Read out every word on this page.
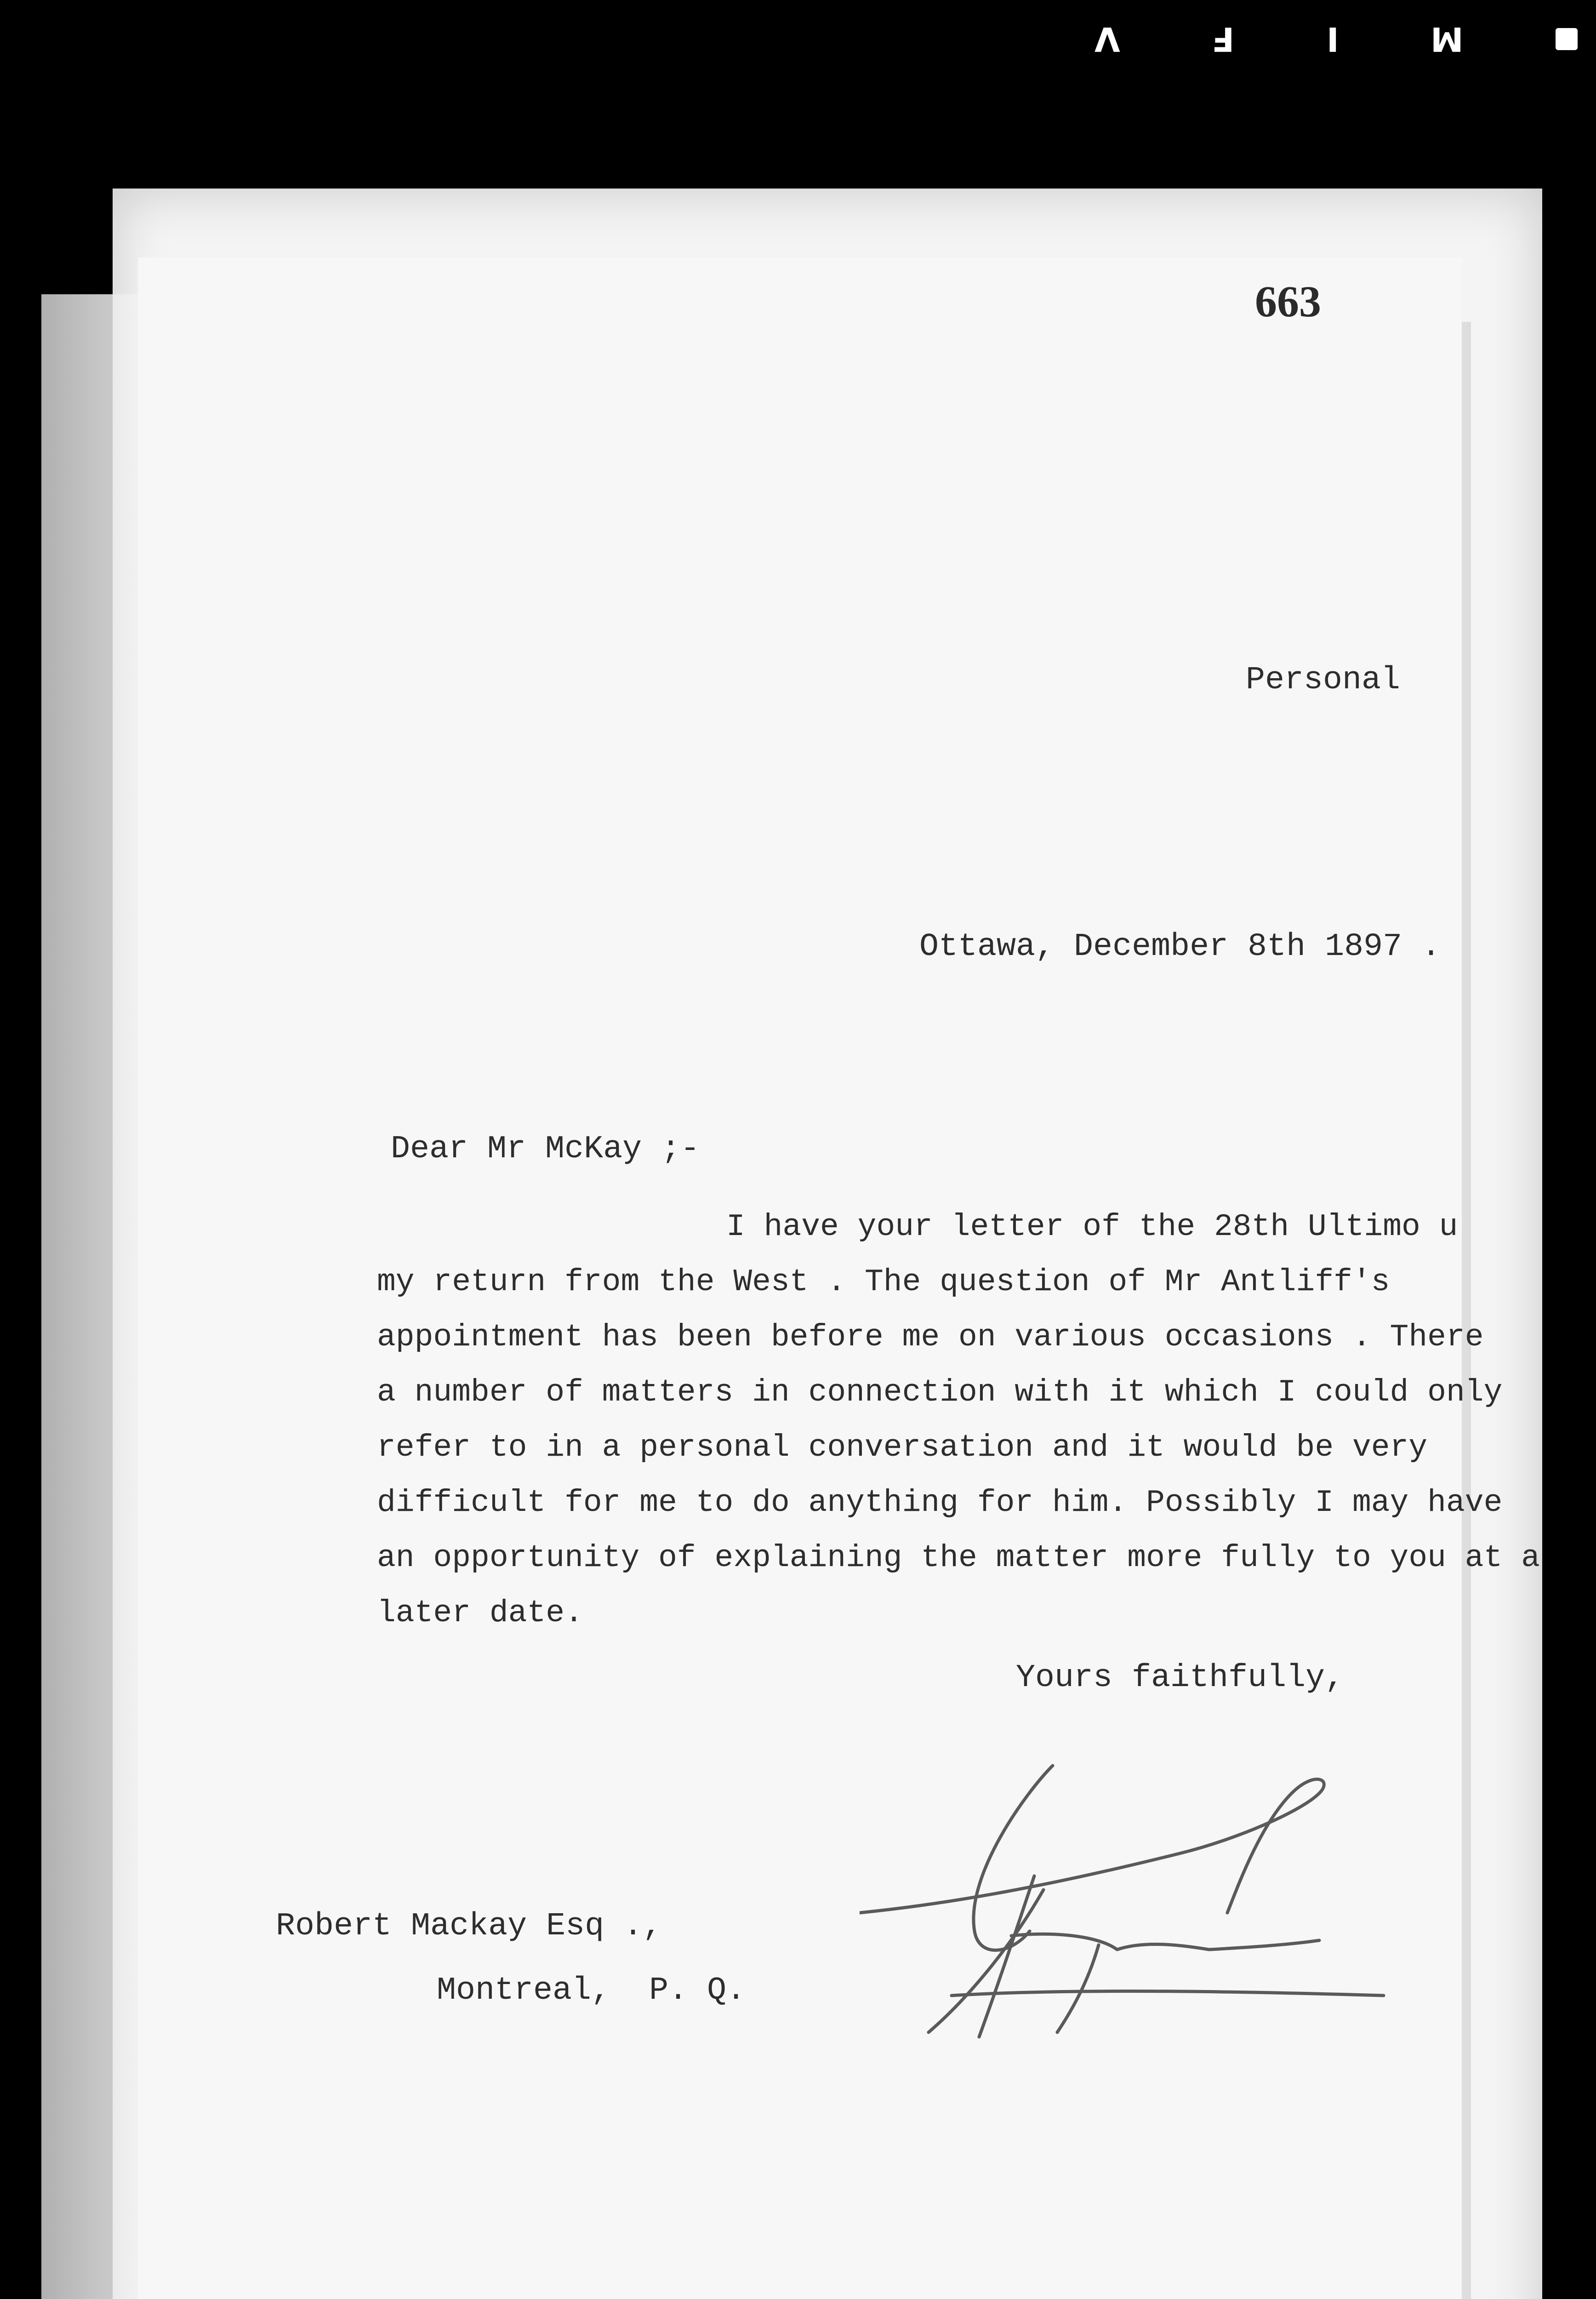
V	F	I	M
663
Personal
Ottawa, December 8th 1897 .
Dear Mr McKay ;-
I have your letter of the 28th Ultimo u
my return from the West . The question of Mr Antliff's
appointment has been before me on various occasions . There
a number of matters in connection with it which I could only
refer to in a personal conversation and it would be very
difficult for me to do anything for him. Possibly I may have
an opportunity of explaining the matter more fully to you at a
later date.
Yours faithfully,
Robert Mackay Esq .,
Montreal,  P. Q.
